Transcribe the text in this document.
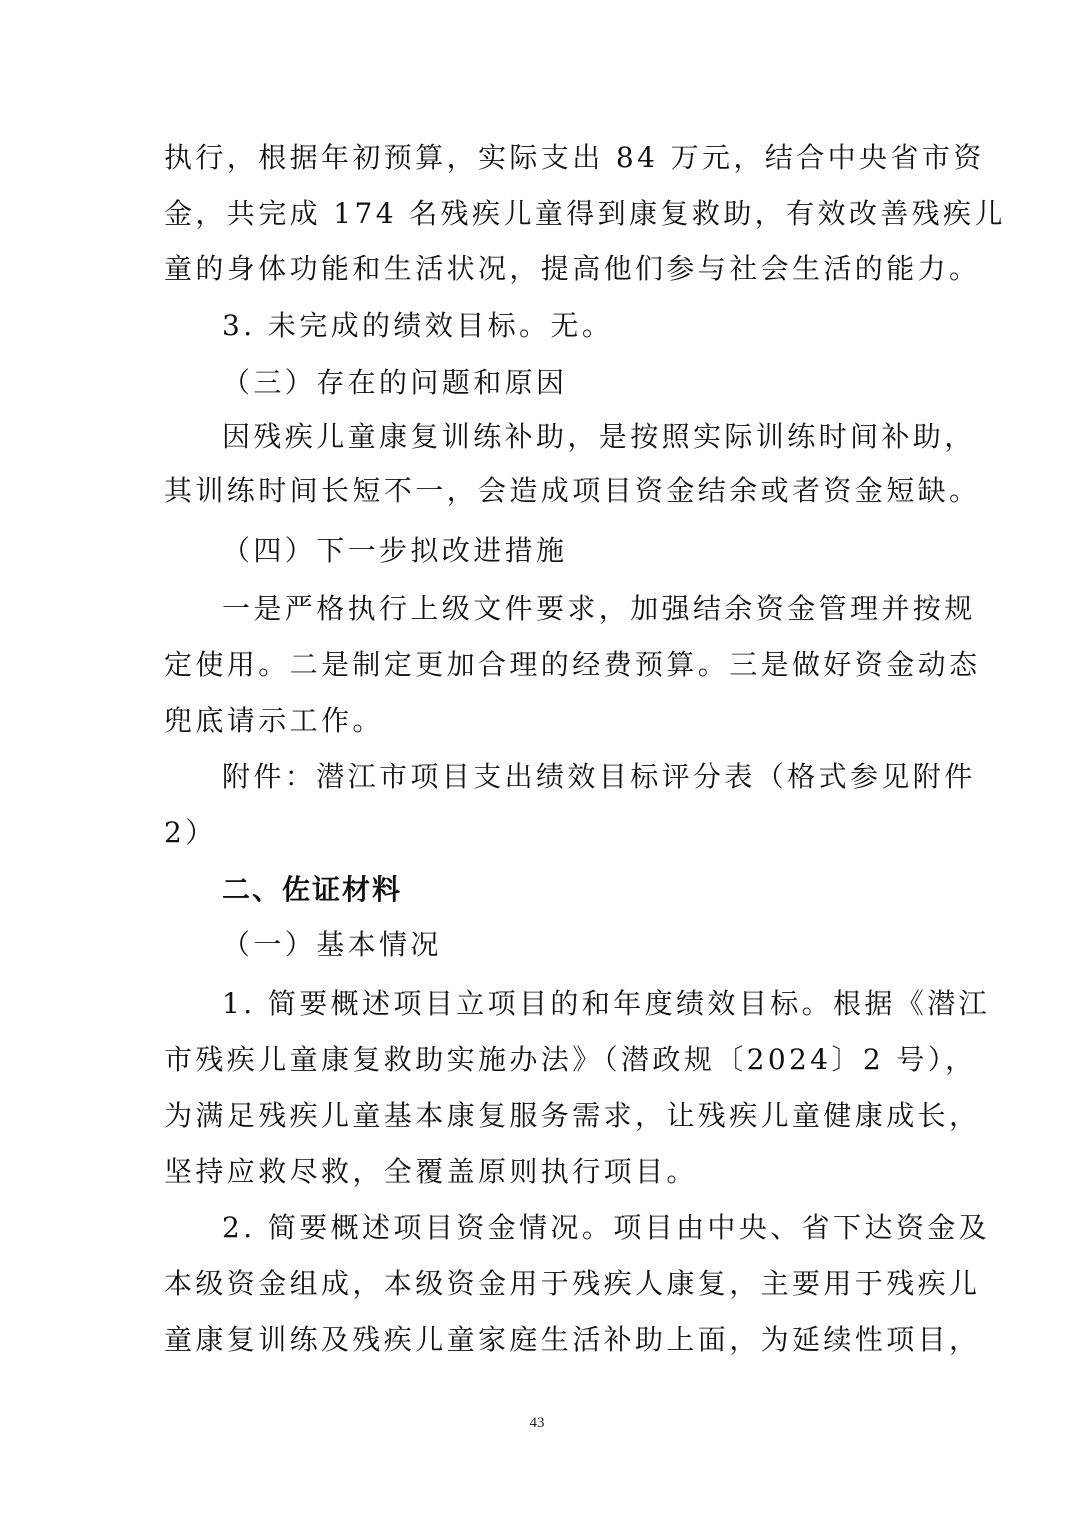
执行，根据年初预算，实际支出 84 万元，结合中央省市资
金，共完成 174 名残疾儿童得到康复救助，有效改善残疾儿
童的身体功能和生活状况，提高他们参与社会生活的能力。
3. 未完成的绩效目标。无。
（三）存在的问题和原因
因残疾儿童康复训练补助，是按照实际训练时间补助，
其训练时间长短不一，会造成项目资金结余或者资金短缺。
（四）下一步拟改进措施
一是严格执行上级文件要求，加强结余资金管理并按规
定使用。二是制定更加合理的经费预算。三是做好资金动态
兜底请示工作。
附件：潜江市项目支出绩效目标评分表（格式参见附件
2）
二、佐证材料
（一）基本情况
1. 简要概述项目立项目的和年度绩效目标。根据《潜江
市残疾儿童康复救助实施办法》（潜政规〔2024〕2 号），
为满足残疾儿童基本康复服务需求，让残疾儿童健康成长，
坚持应救尽救，全覆盖原则执行项目。
2. 简要概述项目资金情况。项目由中央、省下达资金及
本级资金组成，本级资金用于残疾人康复，主要用于残疾儿
童康复训练及残疾儿童家庭生活补助上面，为延续性项目，
43
